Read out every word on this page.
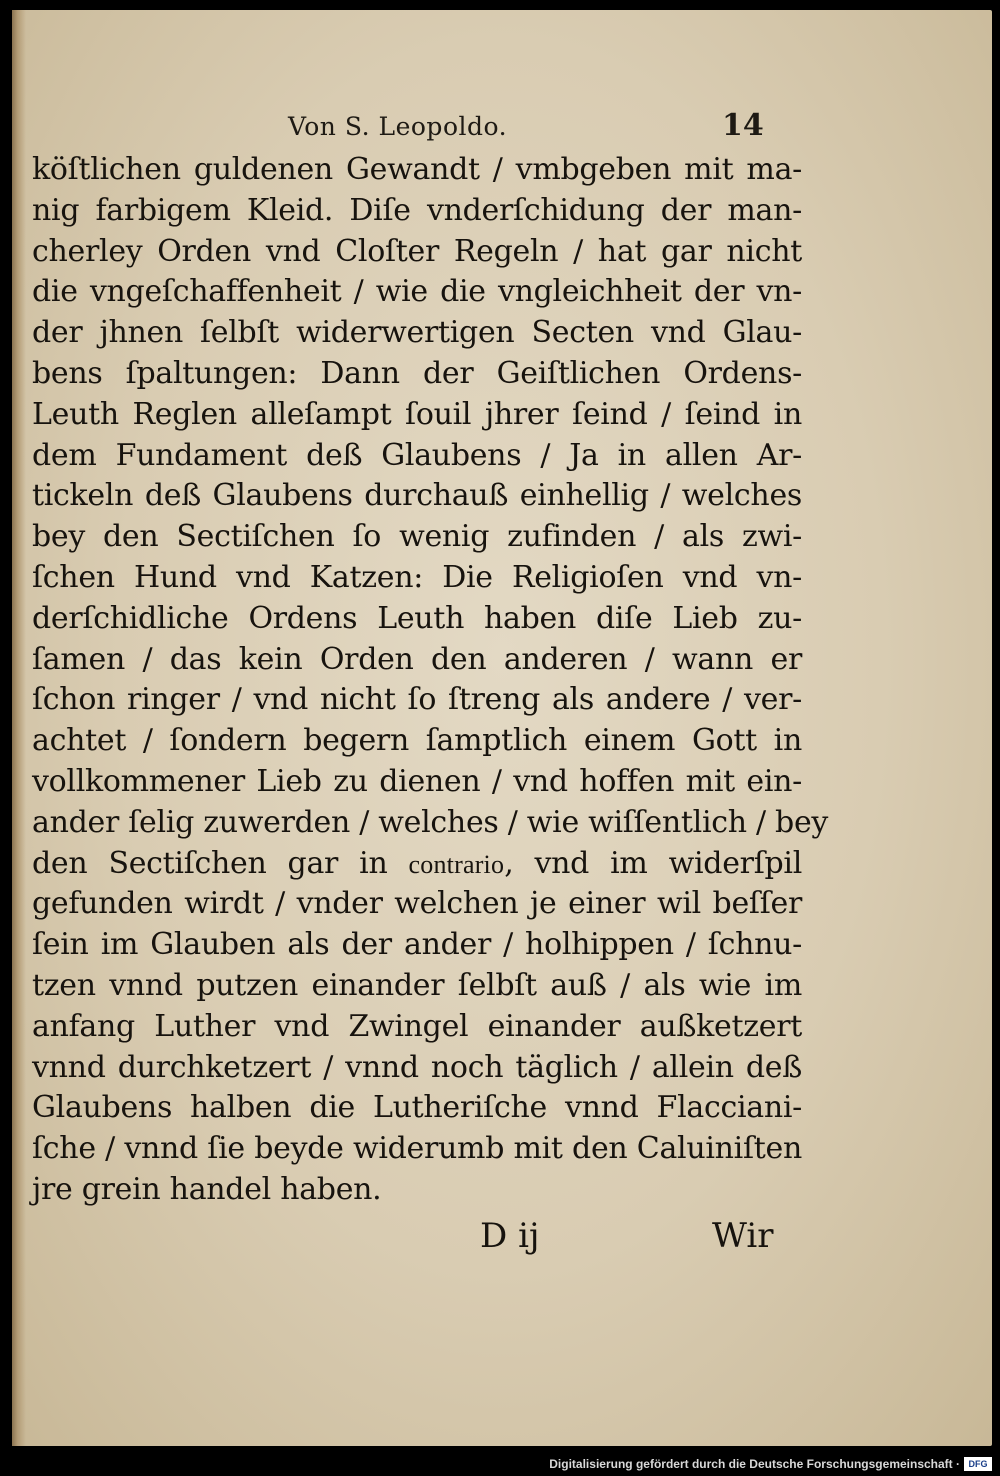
Von S. Leopoldo.	14
köſtlichen guldenen Gewandt / vmbgeben mit ma-
nig farbigem Kleid. Diſe vnderſchidung der man-
cherley Orden vnd Cloſter Regeln / hat gar nicht
die vngeſchaffenheit / wie die vngleichheit der vn-
der jhnen ſelbſt widerwertigen Secten vnd Glau-
bens ſpaltungen: Dann der Geiſtlichen Ordens-
Leuth Reglen alleſampt ſouil jhrer ſeind / ſeind in
dem Fundament deß Glaubens / Ja in allen Ar-
tickeln deß Glaubens durchauß einhellig / welches
bey den Sectiſchen ſo wenig zufinden / als zwi-
ſchen Hund vnd Katzen: Die Religioſen vnd vn-
derſchidliche Ordens Leuth haben diſe Lieb zu-
ſamen / das kein Orden den anderen / wann er
ſchon ringer / vnd nicht ſo ſtreng als andere / ver-
achtet / ſondern begern ſamptlich einem Gott in
vollkommener Lieb zu dienen / vnd hoffen mit ein-
ander ſelig zuwerden / welches / wie wiſſentlich / bey
den Sectiſchen gar in contrario, vnd im widerſpil
gefunden wirdt / vnder welchen je einer wil beſſer
ſein im Glauben als der ander / holhippen / ſchnu-
tzen vnnd putzen einander ſelbſt auß / als wie im
anfang Luther vnd Zwingel einander außketzert
vnnd durchketzert / vnnd noch täglich / allein deß
Glaubens halben die Lutheriſche vnnd Flacciani-
ſche / vnnd ſie beyde widerumb mit den Caluiniſten
jre grein handel haben.
D ij	Wir
Digitalisierung gefördert durch die Deutsche Forschungsgemeinschaft · DFG
